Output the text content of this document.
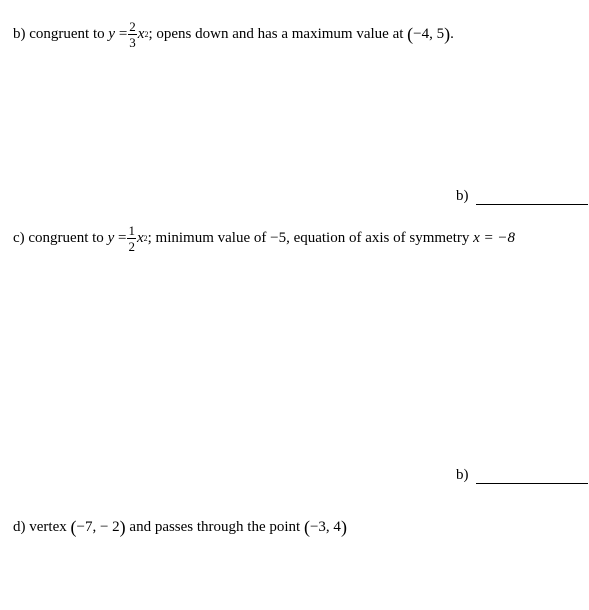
b) congruent to $y = \frac{2}{3}$ x 2 ; opens down and has a maximum value at ( −4, 5 ) .
b)
c) congruent to $y = \frac{1}{2}$ x 2 ; minimum value of −5, equation of axis of symmetry x = −8
b)
d) vertex ( −7, − 2 ) and passes through the point ( −3, 4 )
